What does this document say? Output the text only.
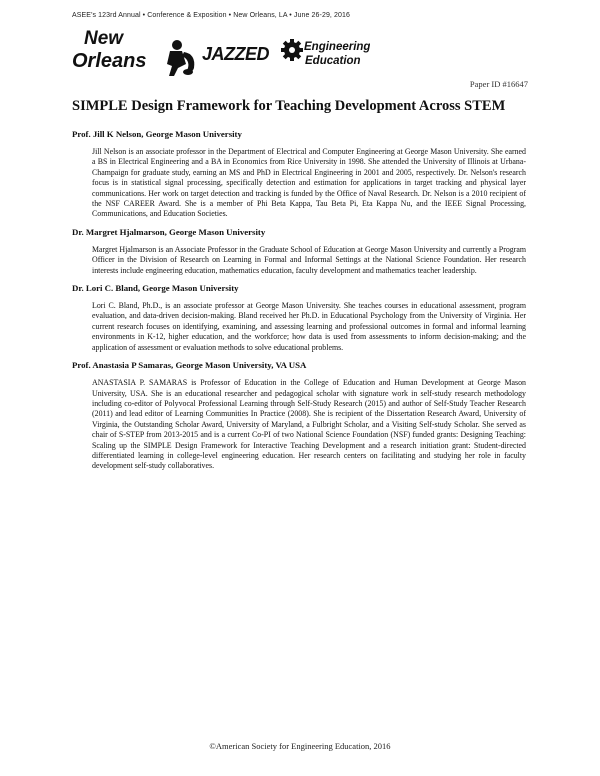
ASEE's 123rd Annual • Conference & Exposition • New Orleans, LA • June 26-29, 2016
New
Orleans	JAZZED	Engineering
Education
Paper ID #16647
SIMPLE Design Framework for Teaching Development Across STEM
Prof. Jill K Nelson, George Mason University

Jill Nelson is an associate professor in the Department of Electrical and Computer Engineering at George Mason University. She earned a BS in Electrical Engineering and a BA in Economics from Rice University in 1998. She attended the University of Illinois at Urbana-Champaign for graduate study, earning an MS and PhD in Electrical Engineering in 2001 and 2005, respectively. Dr. Nelson's research focus is in statistical signal processing, specifically detection and estimation for applications in target tracking and physical layer communications. Her work on target detection and tracking is funded by the Office of Naval Research. Dr. Nelson is a 2010 recipient of the NSF CAREER Award. She is a member of Phi Beta Kappa, Tau Beta Pi, Eta Kappa Nu, and the IEEE Signal Processing, Communications, and Education Societies.

Dr. Margret Hjalmarson, George Mason University

Margret Hjalmarson is an Associate Professor in the Graduate School of Education at George Mason University and currently a Program Officer in the Division of Research on Learning in Formal and Informal Settings at the National Science Foundation. Her research interests include engineering education, mathematics education, faculty development and mathematics teacher leadership.

Dr. Lori C. Bland, George Mason University

Lori C. Bland, Ph.D., is an associate professor at George Mason University. She teaches courses in educational assessment, program evaluation, and data-driven decision-making. Bland received her Ph.D. in Educational Psychology from the University of Virginia. Her current research focuses on identifying, examining, and assessing learning and professional outcomes in formal and informal learning environments in K-12, higher education, and the workforce; how data is used from assessments to inform decision-making; and the application of assessment or evaluation methods to solve educational problems.

Prof. Anastasia P Samaras, George Mason University, VA USA

ANASTASIA P. SAMARAS is Professor of Education in the College of Education and Human Development at George Mason University, USA. She is an educational researcher and pedagogical scholar with signature work in self-study research methodology including co-editor of Polyvocal Professional Learning through Self-Study Research (2015) and author of Self-Study Teacher Research (2011) and lead editor of Learning Communities In Practice (2008). She is recipient of the Dissertation Research Award, University of Virginia, the Outstanding Scholar Award, University of Maryland, a Fulbright Scholar, and a Visiting Self-study Scholar. She served as chair of S-STEP from 2013-2015 and is a current Co-PI of two National Science Foundation (NSF) funded grants: Designing Teaching: Scaling up the SIMPLE Design Framework for Interactive Teaching Development and a research initiation grant: Student-directed differentiated learning in college-level engineering education. Her research centers on facilitating and studying her role in faculty development self-study collaboratives.

©American Society for Engineering Education, 2016
